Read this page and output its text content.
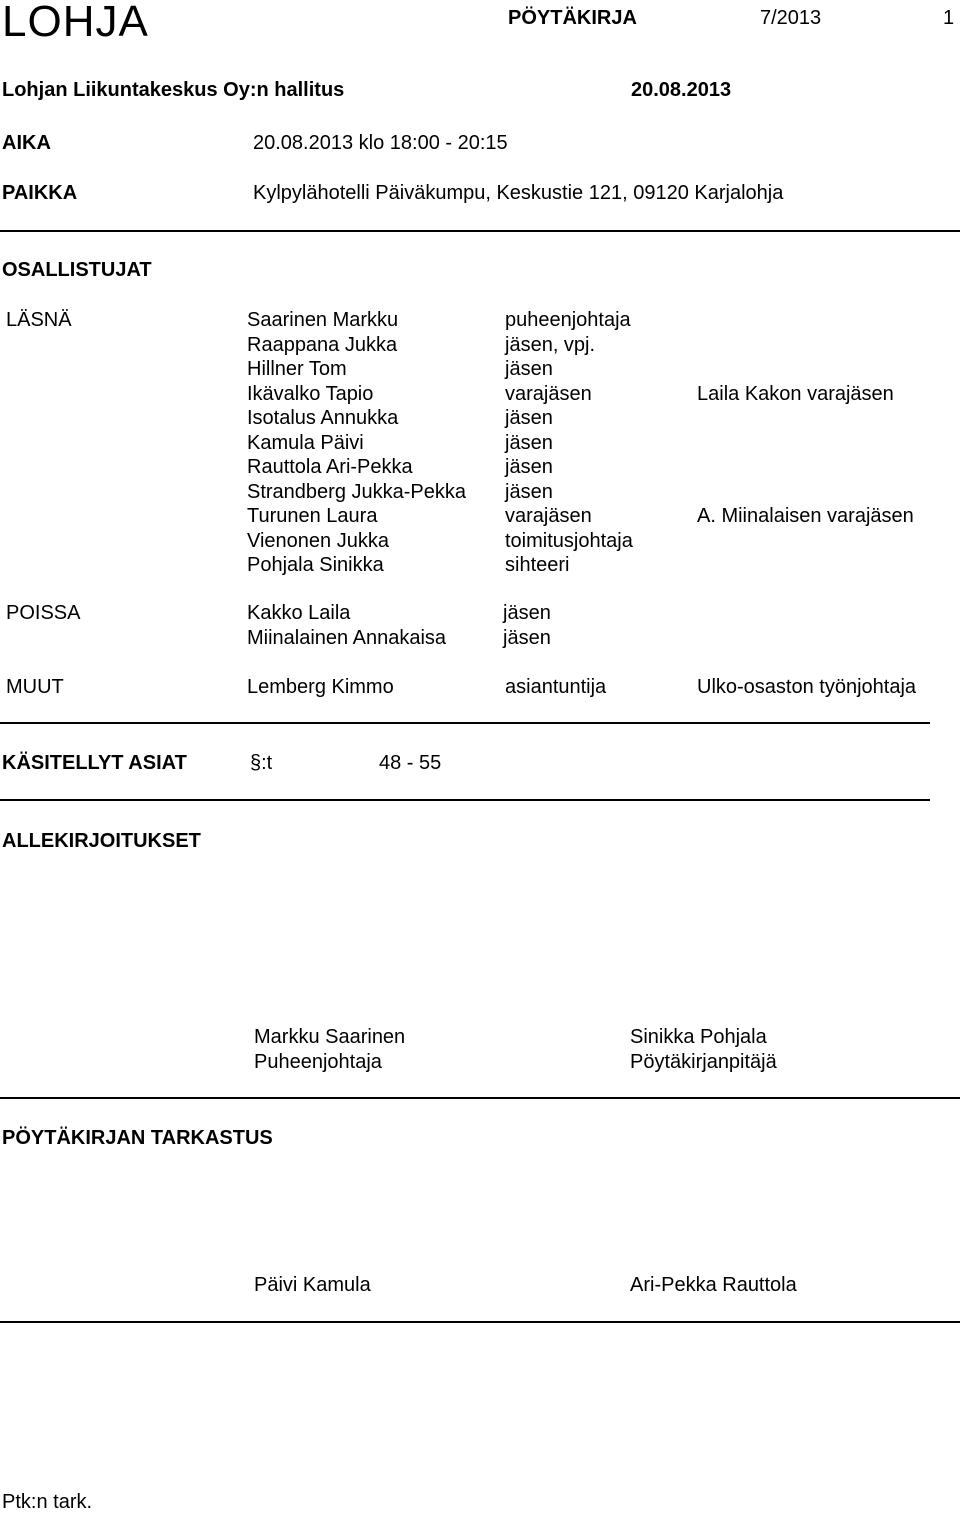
LOHJA	PÖYTÄKIRJA	7/2013	1
Lohjan Liikuntakeskus Oy:n hallitus	20.08.2013
AIKA	20.08.2013 klo 18:00 - 20:15
PAIKKA	Kylpylähotelli Päiväkumpu, Keskustie 121, 09120 Karjalohja
OSALLISTUJAT
LÄSNÄ	Saarinen Markku	puheenjohtaja
Raappana Jukka	jäsen, vpj.
Hillner Tom	jäsen
Ikävalko Tapio	varajäsen	Laila Kakon varajäsen
Isotalus Annukka	jäsen
Kamula Päivi	jäsen
Rauttola Ari-Pekka	jäsen
Strandberg Jukka-Pekka jäsen
Turunen Laura	varajäsen	A. Miinalaisen varajäsen
Vienonen Jukka	toimitusjohtaja
Pohjala Sinikka	sihteeri
POISSA	Kakko Laila	jäsen
Miinalainen Annakaisa	jäsen
MUUT	Lemberg Kimmo	asiantuntija	Ulko-osaston työnjohtaja
KÄSITELLYT ASIAT	§:t	48 - 55
ALLEKIRJOITUKSET
Markku Saarinen
Puheenjohtaja
Sinikka Pohjala
Pöytäkirjanpitäjä
PÖYTÄKIRJAN TARKASTUS
Päivi Kamula	Ari-Pekka Rauttola
Ptk:n tark.
